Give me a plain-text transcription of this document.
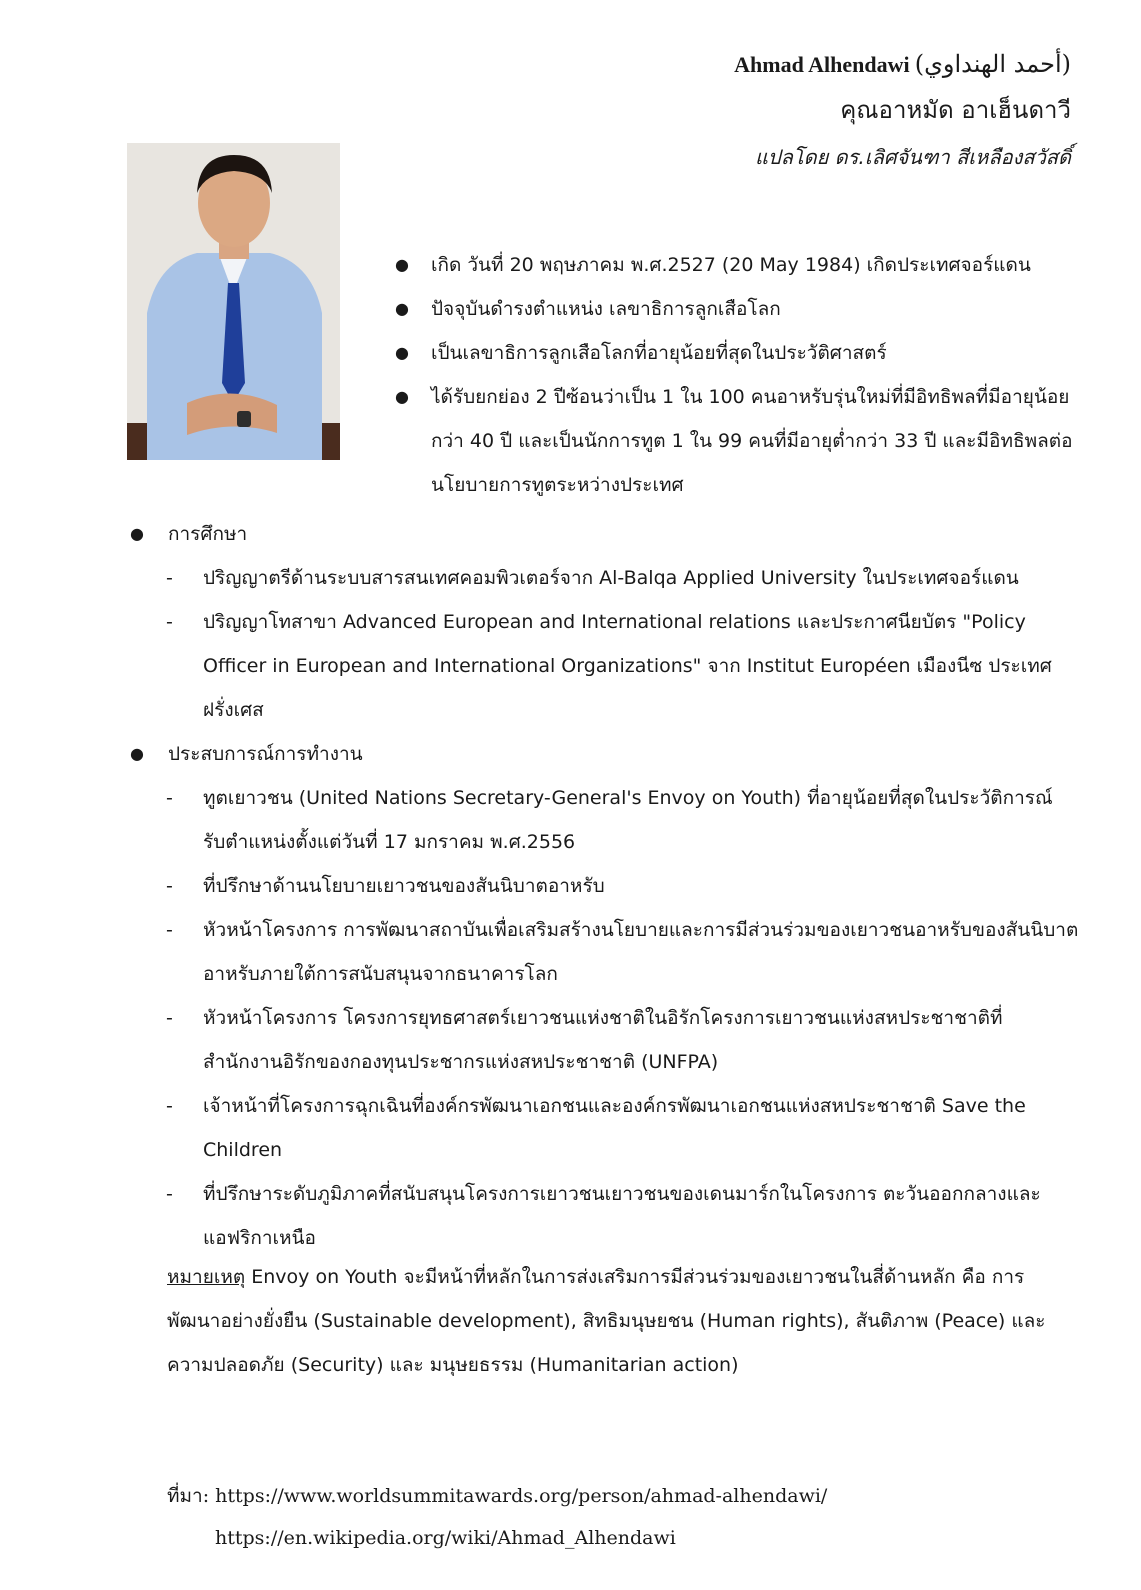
Ahmad Alhendawi (أحمد الهنداوي)
คุณอาหมัด อาเฮ็นดาวี
แปลโดย ดร.เลิศจันฑา สีเหลืองสวัสดิ์
● เกิด วันที่ 20 พฤษภาคม พ.ศ.2527 (20 May 1984) เกิดประเทศจอร์แดน
● ปัจจุบันดำรงตำแหน่ง เลขาธิการลูกเสือโลก
● เป็นเลขาธิการลูกเสือโลกที่อายุน้อยที่สุดในประวัติศาสตร์
● ได้รับยกย่อง 2 ปีซ้อนว่าเป็น 1 ใน 100 คนอาหรับรุ่นใหม่ที่มีอิทธิพลที่มีอายุน้อยกว่า 40 ปี และเป็นนักการทูต 1 ใน 99 คนที่มีอายุต่ำกว่า 33 ปี และมีอิทธิพลต่อนโยบายการทูตระหว่างประเทศ
● การศึกษา
- ปริญญาตรีด้านระบบสารสนเทศคอมพิวเตอร์จาก Al-Balqa Applied University ในประเทศจอร์แดน
- ปริญญาโทสาขา Advanced European and International relations และประกาศนียบัตร "Policy Officer in European and International Organizations" จาก Institut Européen เมืองนีซ ประเทศฝรั่งเศส
● ประสบการณ์การทำงาน
- ทูตเยาวชน (United Nations Secretary-General's Envoy on Youth) ที่อายุน้อยที่สุดในประวัติการณ์ รับตำแหน่งตั้งแต่วันที่ 17 มกราคม พ.ศ.2556
- ที่ปรึกษาด้านนโยบายเยาวชนของสันนิบาตอาหรับ
- หัวหน้าโครงการ การพัฒนาสถาบันเพื่อเสริมสร้างนโยบายและการมีส่วนร่วมของเยาวชนอาหรับของสันนิบาตอาหรับภายใต้การสนับสนุนจากธนาคารโลก
- หัวหน้าโครงการ โครงการยุทธศาสตร์เยาวชนแห่งชาติในอิรักโครงการเยาวชนแห่งสหประชาชาติที่สำนักงานอิรักของกองทุนประชากรแห่งสหประชาชาติ (UNFPA)
- เจ้าหน้าที่โครงการฉุกเฉินที่องค์กรพัฒนาเอกชนและองค์กรพัฒนาเอกชนแห่งสหประชาชาติ Save the Children
- ที่ปรึกษาระดับภูมิภาคที่สนับสนุนโครงการเยาวชนเยาวชนของเดนมาร์กในโครงการ ตะวันออกกลางและแอฟริกาเหนือ
หมายเหตุ Envoy on Youth จะมีหน้าที่หลักในการส่งเสริมการมีส่วนร่วมของเยาวชนในสี่ด้านหลัก คือ การพัฒนาอย่างยั่งยืน (Sustainable development), สิทธิมนุษยชน (Human rights), สันติภาพ (Peace) และความปลอดภัย (Security) และ มนุษยธรรม (Humanitarian action)
ที่มา: https://www.worldsummitawards.org/person/ahmad-alhendawi/
https://en.wikipedia.org/wiki/Ahmad_Alhendawi
